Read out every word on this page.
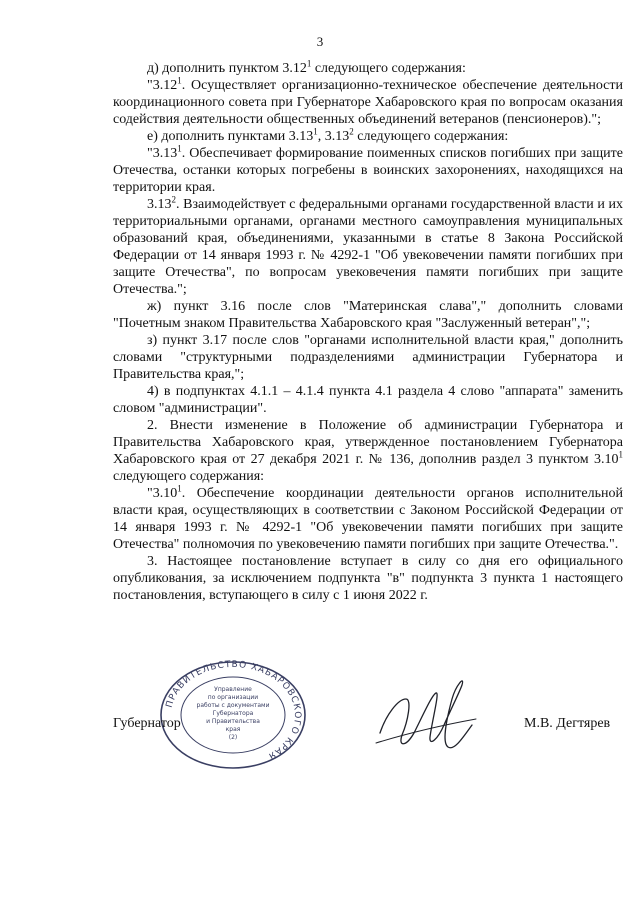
3

д) дополнить пунктом 3.12$^1$ следующего содержания:

"3.12$^1$. Осуществляет организационно-техническое обеспечение деятельности координационного совета при Губернаторе Хабаровского края по вопросам оказания содействия деятельности общественных объединений ветеранов (пенсионеров).";

е) дополнить пунктами 3.13$^1$, 3.13$^2$ следующего содержания:

"3.13$^1$. Обеспечивает формирование поименных списков погибших при защите Отечества, останки которых погребены в воинских захоронениях, находящихся на территории края.

3.13$^2$. Взаимодействует с федеральными органами государственной власти и их территориальными органами, органами местного самоуправления муниципальных образований края, объединениями, указанными в статье 8 Закона Российской Федерации от 14 января 1993 г. № 4292-1 "Об увековечении памяти погибших при защите Отечества", по вопросам увековечения памяти погибших при защите Отечества.";

ж) пункт 3.16 после слов "Материнская слава"," дополнить словами "Почетным знаком Правительства Хабаровского края "Заслуженный ветеран",";

з) пункт 3.17 после слов "органами исполнительной власти края," дополнить словами "структурными подразделениями администрации Губернатора и Правительства края,";

4) в подпунктах 4.1.1 – 4.1.4 пункта 4.1 раздела 4 слово "аппарата" заменить словом "администрации".

2. Внести изменение в Положение об администрации Губернатора и Правительства Хабаровского края, утвержденное постановлением Губернатора Хабаровского края от 27 декабря 2021 г. № 136, дополнив раздел 3 пунктом 3.10$^1$ следующего содержания:

"3.10$^1$. Обеспечение координации деятельности органов исполнительной власти края, осуществляющих в соответствии с Законом Российской Федерации от 14 января 1993 г. № 4292-1 "Об увековечении памяти погибших при защите Отечества" полномочия по увековечению памяти погибших при защите Отечества.".

3. Настоящее постановление вступает в силу со дня его официального опубликования, за исключением подпункта "в" подпункта 3 пункта 1 настоящего постановления, вступающего в силу с 1 июня 2022 г.

ПРАВИТЕЛЬСТВО ХАБАРОВСКОГО КРАЯ
Управление
по организации
работы с документами
Губернатора
и Правительства
края
(2)
Губернатор	М.В. Дегтярев
